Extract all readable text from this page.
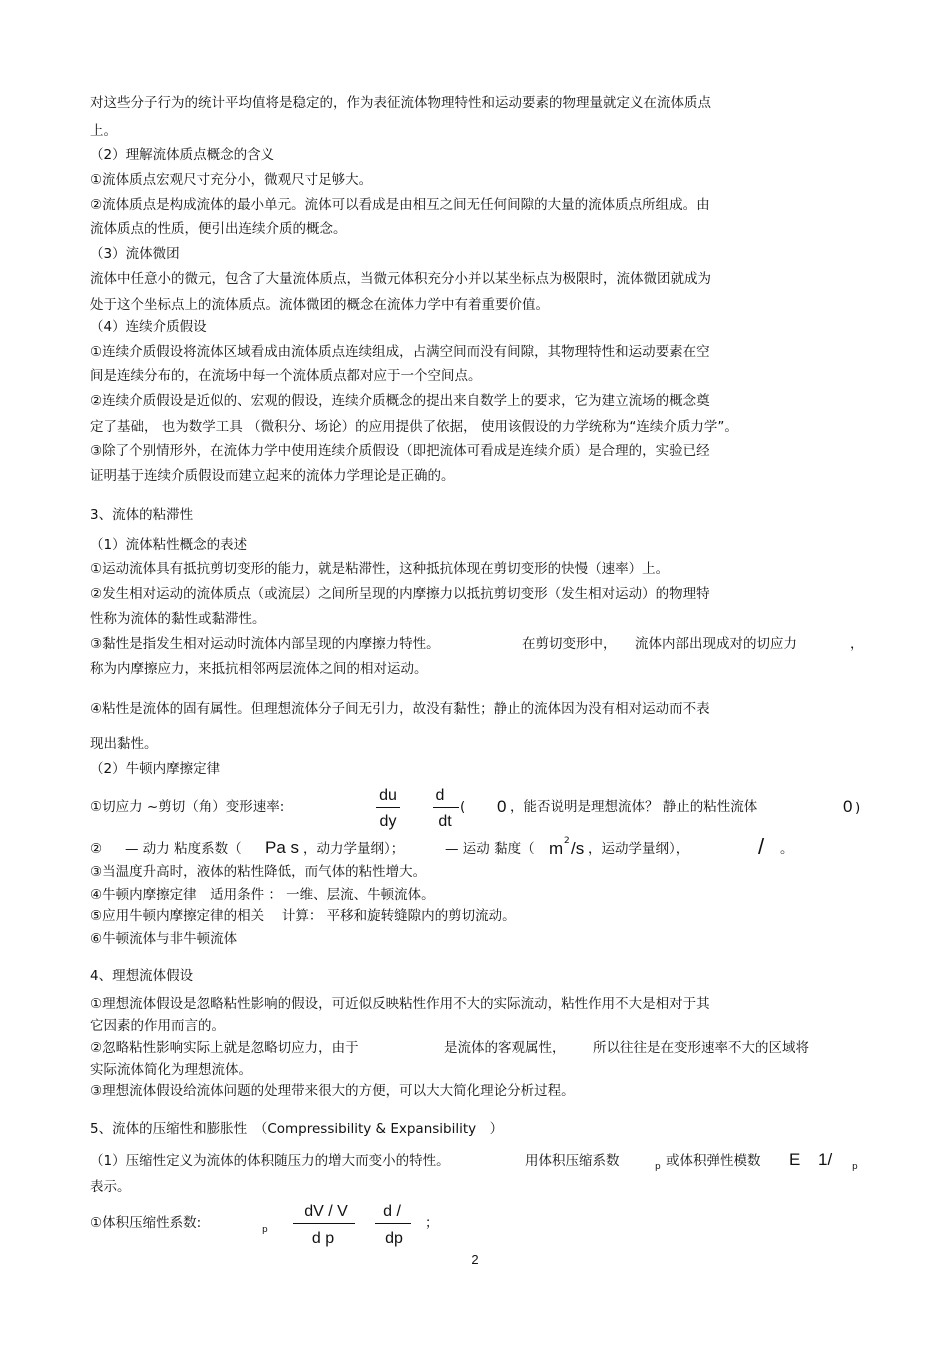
对这些分子行为的统计平均值将是稳定的，作为表征流体物理特性和运动要素的物理量就定义在流体质点
上。
（2）理解流体质点概念的含义
①流体质点宏观尺寸充分小，微观尺寸足够大。
②流体质点是构成流体的最小单元。流体可以看成是由相互之间无任何间隙的大量的流体质点所组成。由
流体质点的性质，便引出连续介质的概念。
（3）流体微团
流体中任意小的微元，包含了大量流体质点，当微元体积充分小并以某坐标点为极限时，流体微团就成为
处于这个坐标点上的流体质点。流体微团的概念在流体力学中有着重要价值。
（4）连续介质假设
①连续介质假设将流体区域看成由流体质点连续组成，占满空间而没有间隙，其物理特性和运动要素在空
间是连续分布的，在流场中每一个流体质点都对应于一个空间点。
②连续介质假设是近似的、宏观的假设，连续介质概念的提出来自数学上的要求，它为建立流场的概念奠
定了基础， 也为数学工具 （微积分、场论）的应用提供了依据， 使用该假设的力学统称为“连续介质力学”。
③除了个别情形外，在流体力学中使用连续介质假设（即把流体可看成是连续介质）是合理的，实验已经
证明基于连续介质假设而建立起来的流体力学理论是正确的。
3、流体的粘滞性
（1）流体粘性概念的表述
①运动流体具有抵抗剪切变形的能力，就是粘滞性，这种抵抗体现在剪切变形的快慢（速率）上。
②发生相对运动的流体质点（或流层）之间所呈现的内摩擦力以抵抗剪切变形（发生相对运动）的物理特
性称为流体的黏性或黏滞性。
③黏性是指发生相对运动时流体内部呈现的内摩擦力特性。	在剪切变形中， 流体内部出现成对的切应力	，
称为内摩擦应力，来抵抗相邻两层流体之间的相对运动。
④粘性是流体的固有属性。但理想流体分子间无引力，故没有黏性；静止的流体因为没有相对运动而不表
现出黏性。
（2）牛顿内摩擦定律
①切应力 ~剪切（角）变形速率:
du
dy
d
dt
( 0 ，能否说明是理想流体？ 静止的粘性流体	0 )
② — 动力 粘度系数（ Pa s ，动力学量纲）；	— 运动 黏度（ m 2 /s ，运动学量纲），	/ 。
③当温度升高时，液体的粘性降低，而气体的粘性增大。
④牛顿内摩擦定律　适用条件 ： 一维、层流、牛顿流体。
⑤应用牛顿内摩擦定律的相关　 计算： 平移和旋转缝隙内的剪切流动。
⑥牛顿流体与非牛顿流体
4、理想流体假设
①理想流体假设是忽略粘性影响的假设，可近似反映粘性作用不大的实际流动，粘性作用不大是相对于其
它因素的作用而言的。
②忽略粘性影响实际上就是忽略切应力，由于	是流体的客观属性， 所以往往是在变形速率不大的区域将
实际流体简化为理想流体。
③理想流体假设给流体问题的处理带来很大的方便，可以大大简化理论分析过程。
5、流体的压缩性和膨胀性　（Compressibility & Expansibility　）
（1）压缩性定义为流体的体积随压力的增大而变小的特性。	用体积压缩系数	p 或体积弹性模数 E 1/ p
表示。
①体积压缩性系数:	p
dV / V
d p
d /
dp
；
2
